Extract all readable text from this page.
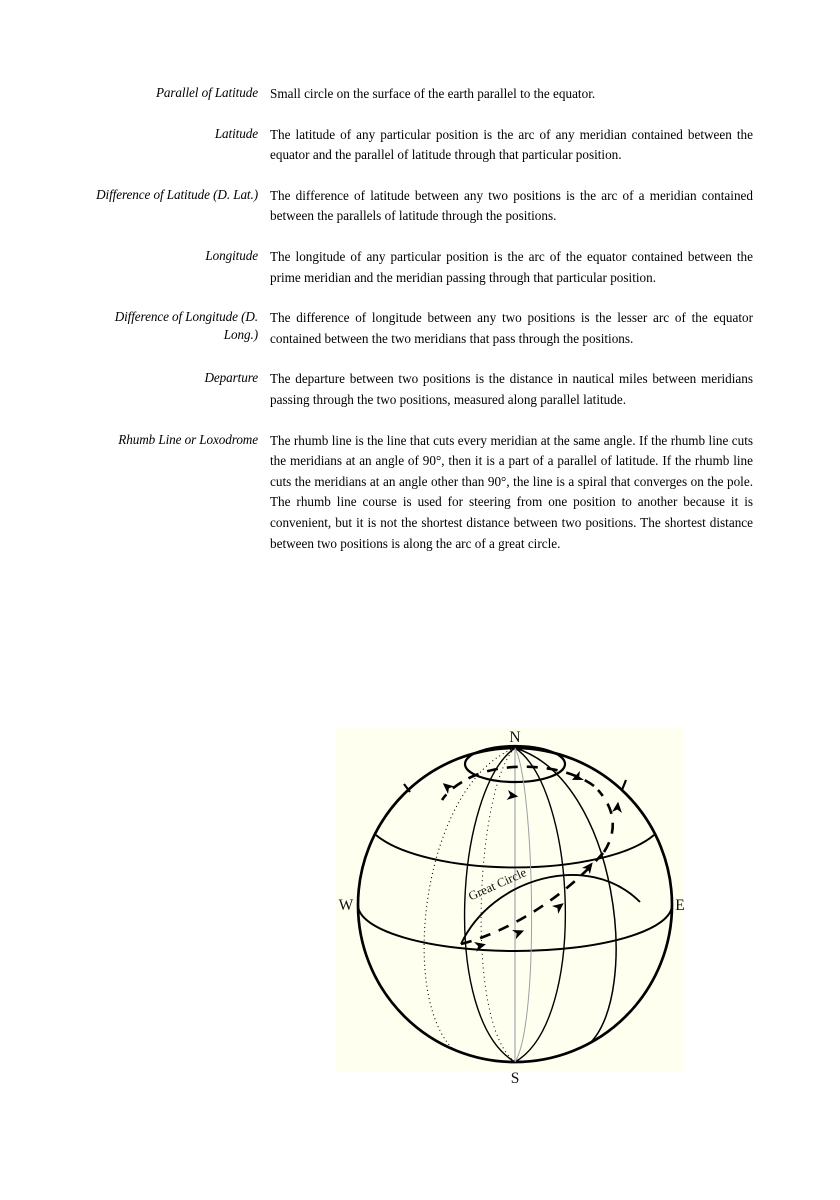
Parallel of Latitude Small circle on the surface of the earth parallel to the equator.
Latitude The latitude of any particular position is the arc of any meridian contained between the equator and the parallel of latitude through that particular position.
Difference of Latitude (D. Lat.) The difference of latitude between any two positions is the arc of a meridian contained between the parallels of latitude through the positions.
Longitude The longitude of any particular position is the arc of the equator contained between the prime meridian and the meridian passing through that particular position.
Difference of Longitude (D. Long.)
The difference of longitude between any two positions is the lesser arc of the equator contained between the two meridians that pass through the positions.
Departure The departure between two positions is the distance in nautical miles between meridians passing through the two positions, measured along parallel latitude.
Rhumb Line or Loxodrome The rhumb line is the line that cuts every meridian at the same angle. If the rhumb line cuts the meridians at an angle of 90°, then it is a part of a parallel of latitude. If the rhumb line cuts the meridians at an angle other than 90°, the line is a spiral that converges on the pole. The rhumb line course is used for steering from one position to another because it is convenient, but it is not the shortest distance between two positions. The shortest distance between two positions is along the arc of a great circle.
N
S
W	E
Great Circle
